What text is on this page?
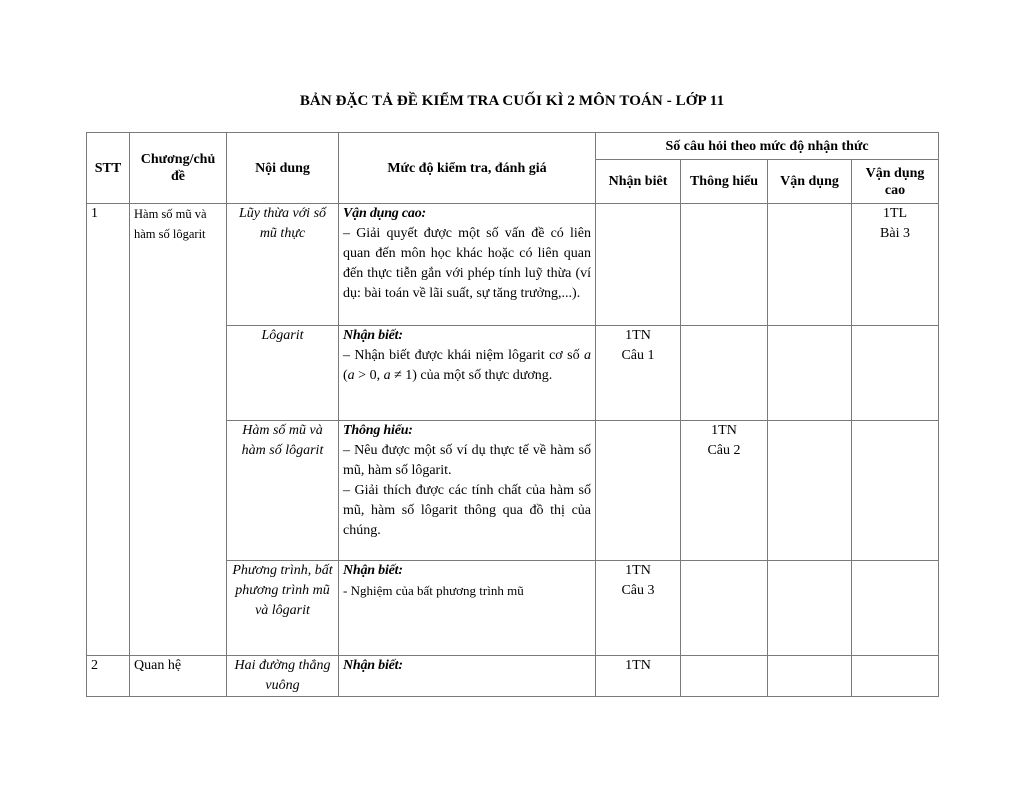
BẢN ĐẶC TẢ ĐỀ KIỂM TRA CUỐI KÌ 2 MÔN TOÁN - LỚP 11
STT	Chương/chủ đề	Nội dung	Mức độ kiểm tra, đánh giá	Số câu hỏi theo mức độ nhận thức			
				Nhận biêt	Thông hiểu	Vận dụng	Vận dụng cao
1	Hàm số mũ và hàm số lôgarit	Lũy thừa với số mũ thực	Vận dụng cao:
– Giải quyết được một số vấn đề có liên quan đến môn học khác hoặc có liên quan đến thực tiễn gắn với phép tính luỹ thừa (ví dụ: bài toán về lãi suất, sự tăng trưởng,...).				1TL
Bài 3

		Lôgarit	Nhận biết:
– Nhận biết được khái niệm lôgarit cơ số a (a > 0, a ≠ 1) của một số thực dương.	1TN
Câu 1			

		Hàm số mũ và hàm số lôgarit	Thông hiểu:
– Nêu được một số ví dụ thực tế về hàm số mũ, hàm số lôgarit.
– Giải thích được các tính chất của hàm số mũ, hàm số lôgarit thông qua đồ thị của chúng.		1TN
Câu 2		

		Phương trình, bất phương trình mũ và lôgarit	Nhận biết:
- Nghiệm của bất phương trình mũ	1TN
Câu 3			

2	Quan hệ	Hai đường thẳng vuông	Nhận biết:	1TN			
